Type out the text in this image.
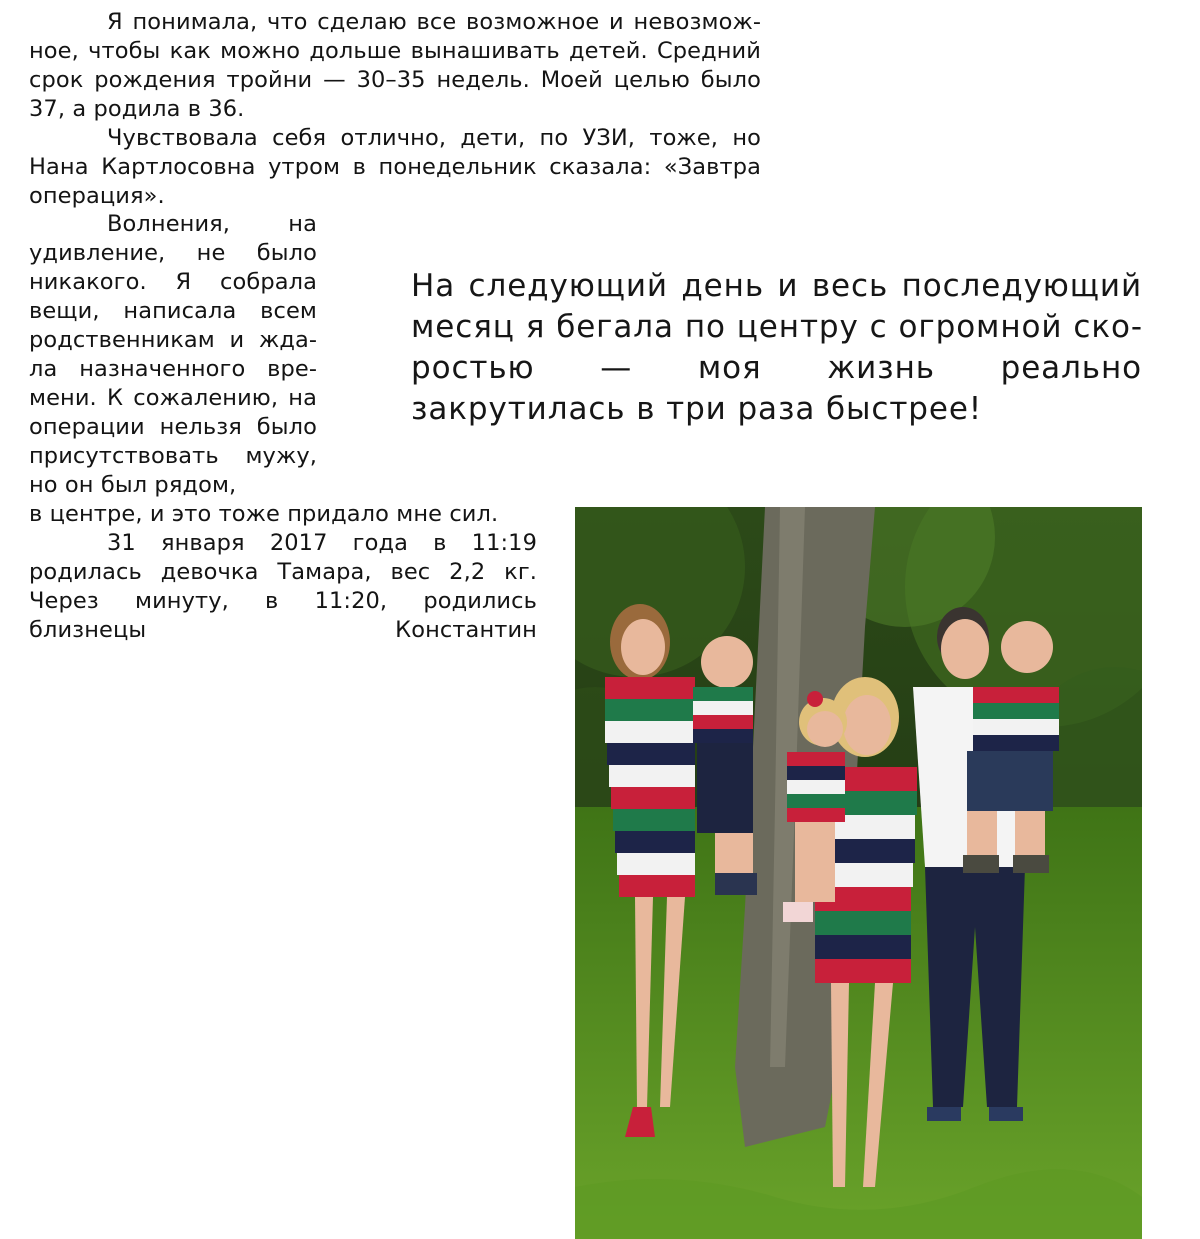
Я понимала, что сделаю все возможное и невозможное, чтобы как можно дольше вынашивать детей. Средний срок рождения тройни — 30–35 недель. Моей целью было 37, а родила в 36.

Чувствовала себя отлично, дети, по УЗИ, тоже, но Нана Картлосовна утром в понедельник сказала: «Завтра операция».

Волнения, на удивление, не было никакого. Я собрала вещи, написала всем родственникам и ждала назначенного времени. К сожалению, на операции нельзя было присутствовать мужу, но он был рядом,

в центре, и это тоже придало мне сил.

31 января 2017 года в 11:19 родилась девочка Тамара, вес 2,2 кг. Через минуту, в 11:20, родились близнецы Константин

На следующий день и весь последующий месяц я бегала по центру с огромной скоростью — моя жизнь реально закрутилась в три раза быстрее!
